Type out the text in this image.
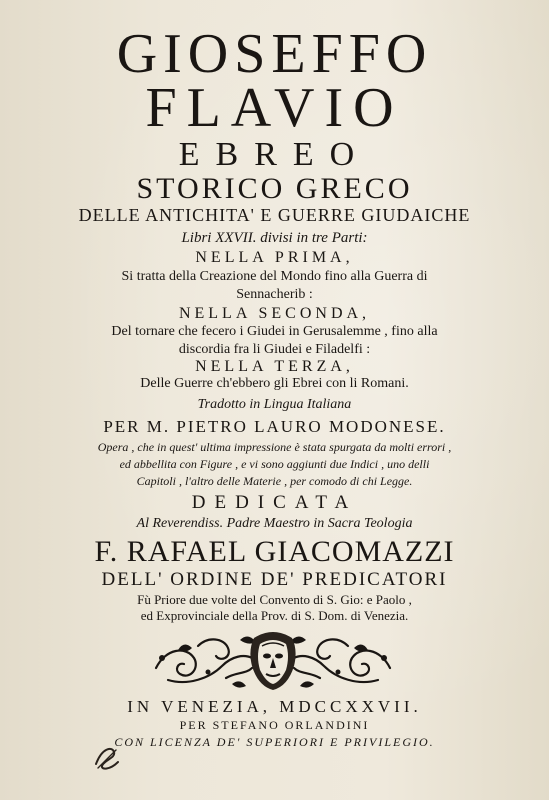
GIOSEFFO
FLAVIO
EBREO
STORICO GRECO
DELLE ANTICHITA' E GUERRE GIUDAICHE
Libri XXVII. divisi in tre Parti:
NELLA PRIMA,
Si tratta della Creazione del Mondo fino alla Guerra di
Sennacherib :
NELLA SECONDA,
Del tornare che fecero i Giudei in Gerusalemme , fino alla
discordia fra li Giudei e Filadelfi :
NELLA TERZA,
Delle Guerre ch'ebbero gli Ebrei con li Romani.
Tradotto in Lingua Italiana
PER M. PIETRO LAURO MODONESE.
Opera , che in quest' ultima impressione è stata spurgata da molti errori ,
ed abbellita con Figure , e vi sono aggiunti due Indici , uno delli
Capitoli , l'altro delle Materie , per comodo di chi Legge.
DEDICATA
Al Reverendiss. Padre Maestro in Sacra Teologia
F. RAFAEL GIACOMAZZI
DELL' ORDINE DE' PREDICATORI
Fù Priore due volte del Convento di S. Gio: e Paolo ,
ed Exprovinciale della Prov. di S. Dom. di Venezia.
IN VENEZIA, MDCCXXVII.
PER STEFANO ORLANDINI
CON LICENZA DE' SUPERIORI E PRIVILEGIO.
